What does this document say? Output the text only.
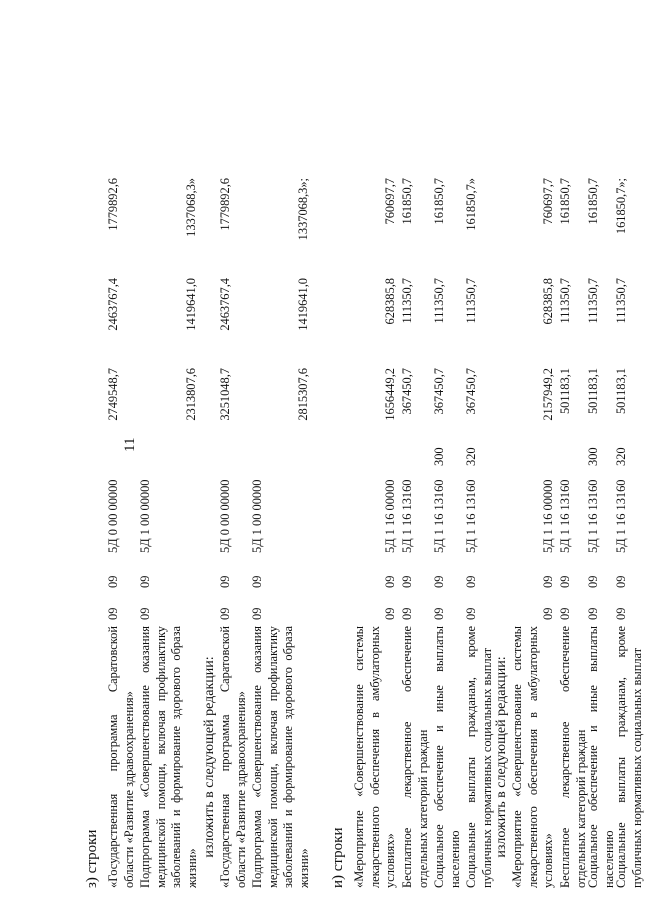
11
з) строки «Государственная программа Саратовской области «Развитие здравоохранения»
09
09
5Д 0 00 00000
2749548,7
2463767,4
1779892,6
Подпрограмма «Совершенствование оказания медицинской помощи, включая профилактику заболеваний и формирование здорового образа жизни»
09
09
5Д 1 00 00000
2313807,6
1419641,0
1337068,3»
изложить в следующей редакции: «Государственная программа Саратовской области «Развитие здравоохранения»
09
09
5Д 0 00 00000
3251048,7
2463767,4
1779892,6
Подпрограмма «Совершенствование оказания медицинской помощи, включая профилактику заболеваний и формирование здорового образа жизни»
09
09
5Д 1 00 00000
2815307,6
1419641,0
1337068,3»;
и) строки «Мероприятие «Совершенствование системы лекарственного обеспечения в амбулаторных условиях»
09
09
5Д 1 16 00000
1656449,2
628385,8
760697,7
Бесплатное лекарственное обеспечение отдельных категорий граждан
09
09
5Д 1 16 13160
367450,7
111350,7
161850,7
Социальное обеспечение и иные выплаты населению
09
09
5Д 1 16 13160
300
367450,7
111350,7
161850,7
Социальные выплаты гражданам, кроме публичных нормативных социальных выплат
09
09
5Д 1 16 13160
320
367450,7
111350,7
161850,7»
изложить в следующей редакции: «Мероприятие «Совершенствование системы лекарственного обеспечения в амбулаторных условиях»
09
09
5Д 1 16 00000
2157949,2
628385,8
760697,7
Бесплатное лекарственное обеспечение отдельных категорий граждан
09
09
5Д 1 16 13160
501183,1
111350,7
161850,7
Социальное обеспечение и иные выплаты населению
09
09
5Д 1 16 13160
300
501183,1
111350,7
161850,7
Социальные выплаты гражданам, кроме публичных нормативных социальных выплат
09
09
5Д 1 16 13160
320
501183,1
111350,7
161850,7»;
